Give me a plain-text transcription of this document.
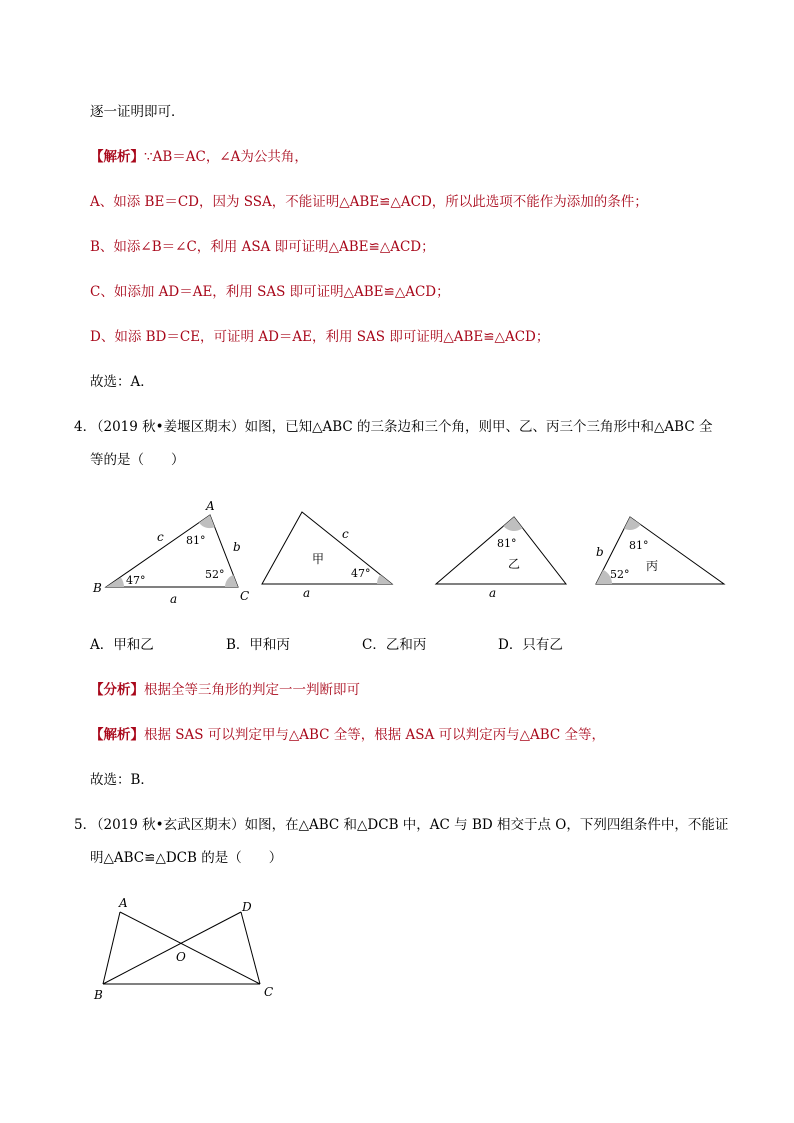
逐一证明即可．
【解析】∵AB＝AC，∠A为公共角，
A、如添 BE＝CD，因为 SSA，不能证明△ABE≌△ACD，所以此选项不能作为添加的条件；
B、如添∠B＝∠C，利用 ASA 即可证明△ABE≌△ACD；
C、如添加 AD＝AE，利用 SAS 即可证明△ABE≌△ACD；
D、如添 BD＝CE，可证明 AD＝AE，利用 SAS 即可证明△ABE≌△ACD；
故选：A．
4．
（2019 秋•姜堰区期末）如图，已知△ABC 的三条边和三个角，则甲、乙、丙三个三角形中和△ABC 全
等的是（　　）
A
B
C
c
b
a
81°
47°	52°
甲
c
a
47°
乙
81°
a
丙
b 81°
52°
A．甲和乙	B．甲和丙	C．乙和丙	D．只有乙
【分析】根据全等三角形的判定一一判断即可
【解析】根据 SAS 可以判定甲与△ABC 全等，根据 ASA 可以判定丙与△ABC 全等，
故选：B．
5．
（2019 秋•玄武区期末）如图，在△ABC 和△DCB 中，AC 与 BD 相交于点 O，下列四组条件中，不能证
明△ABC≌△DCB 的是（　　）
A	D
O
B	C
